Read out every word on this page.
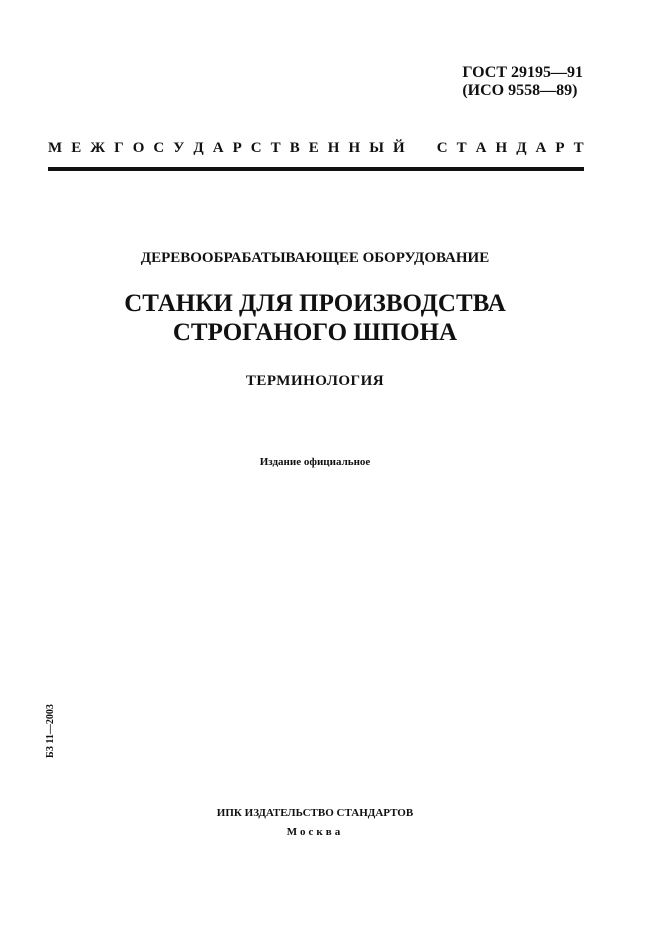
ГОСТ 29195—91
(ИСО 9558—89)
М Е Ж Г О С У Д А Р С Т В Е Н Н Ы Й С Т А Н Д А Р Т
ДЕРЕВООБРАБАТЫВАЮЩЕЕ ОБОРУДОВАНИЕ
СТАНКИ ДЛЯ ПРОИЗВОДСТВА
СТРОГАНОГО ШПОНА
ТЕРМИНОЛОГИЯ
Издание официальное
БЗ 11—2003
ИПК ИЗДАТЕЛЬСТВО СТАНДАРТОВ
Москва
